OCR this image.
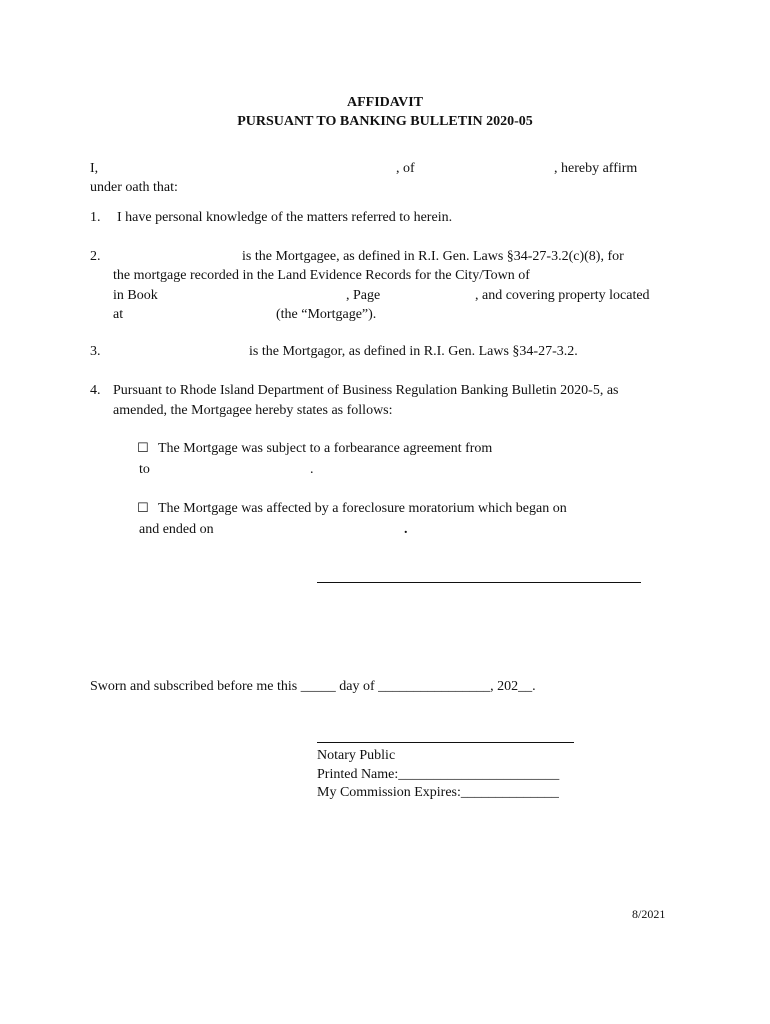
AFFIDAVIT
PURSUANT TO BANKING BULLETIN 2020-05
I,	, of	, hereby affirm
under oath that:
1. I have personal knowledge of the matters referred to herein.
2.	is the Mortgagee, as defined in R.I. Gen. Laws §34-27-3.2(c)(8), for
the mortgage recorded in the Land Evidence Records for the City/Town of
in Book	, Page	, and covering property located
at	(the “Mortgage”).
3.	is the Mortgagor, as defined in R.I. Gen. Laws §34-27-3.2.
4. Pursuant to Rhode Island Department of Business Regulation Banking Bulletin 2020-5, as
amended, the Mortgagee hereby states as follows:
☐ The Mortgage was subject to a forbearance agreement from
to	.
☐ The Mortgage was affected by a foreclosure moratorium which began on
and ended on	.
Sworn and subscribed before me this _____ day of ________________, 202__.
Notary Public
Printed Name:_______________________
My Commission Expires:______________
8/2021
